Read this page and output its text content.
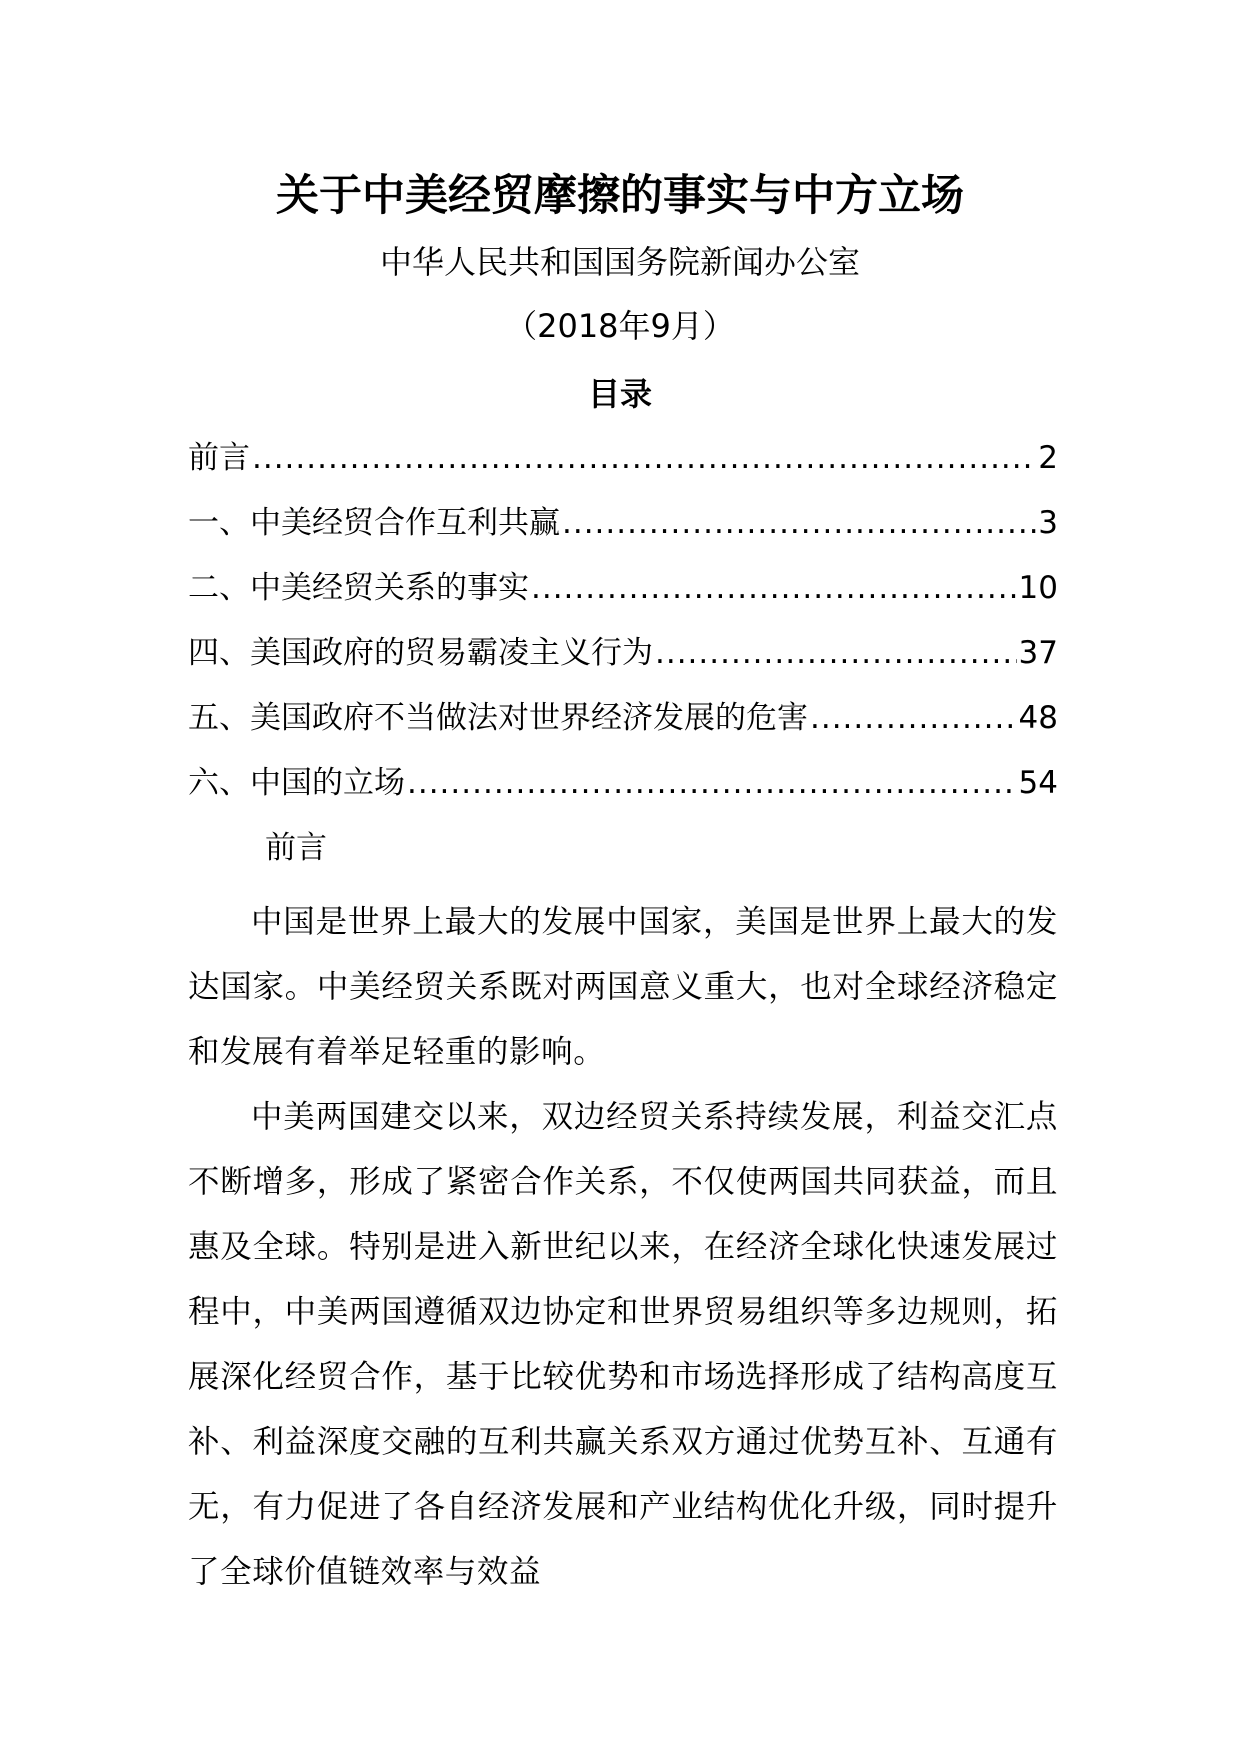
关于中美经贸摩擦的事实与中方立场
中华人民共和国国务院新闻办公室
（2018年9月）
目录
前言 .....	2
一、中美经贸合作互利共赢 .....	3
二、中美经贸关系的事实 .....	10
四、美国政府的贸易霸凌主义行为 .....	37
五、美国政府不当做法对世界经济发展的危害 .....	48
六、中国的立场 .....	54
前言

中国是世界上最大的发展中国家，美国是世界上最大的发达国家。中美经贸关系既对两国意义重大，也对全球经济稳定和发展有着举足轻重的影响。

中美两国建交以来，双边经贸关系持续发展，利益交汇点不断增多，形成了紧密合作关系，不仅使两国共同获益，而且惠及全球。特别是进入新世纪以来，在经济全球化快速发展过程中，中美两国遵循双边协定和世界贸易组织等多边规则，拓展深化经贸合作，基于比较优势和市场选择形成了结构高度互补、利益深度交融的互利共赢关系双方通过优势互补、互通有无，有力促进了各自经济发展和产业结构优化升级，同时提升了全球价值链效率与效益
